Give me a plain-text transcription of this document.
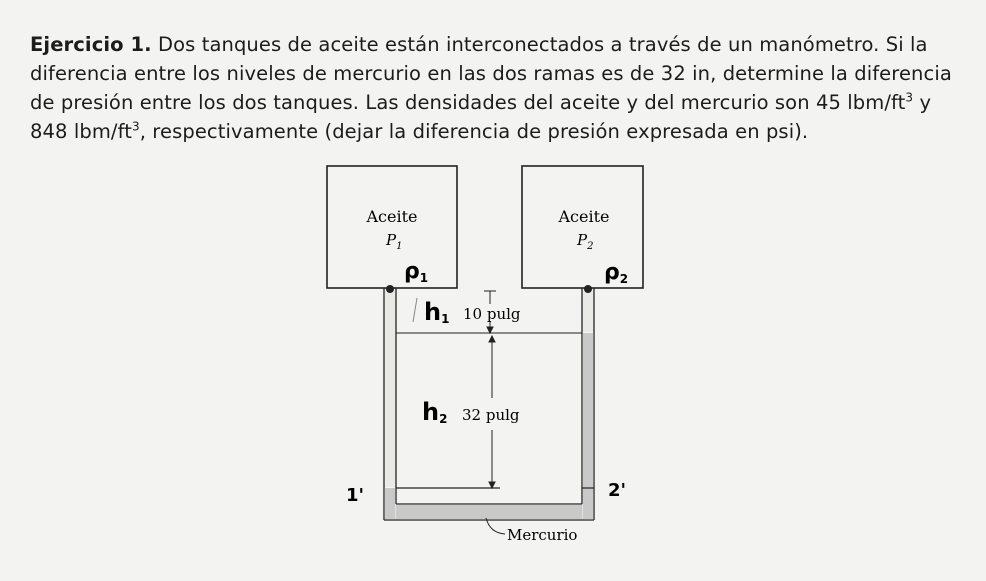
Ejercicio 1. Dos tanques de aceite están interconectados a través de un manómetro. Si la diferencia entre los niveles de mercurio en las dos ramas es de 32 in, determine la diferencia de presión entre los dos tanques. Las densidades del aceite y del mercurio son 45 lbm/$ft^3$ y 848 lbm/$ft^3$, respectivamente (dejar la diferencia de presión expresada en psi).
Aceite
$P_1$
Aceite
$P_2$
ρ1	ρ2
h1 10 pulg
h2 32 pulg
1'	2'
Mercurio
